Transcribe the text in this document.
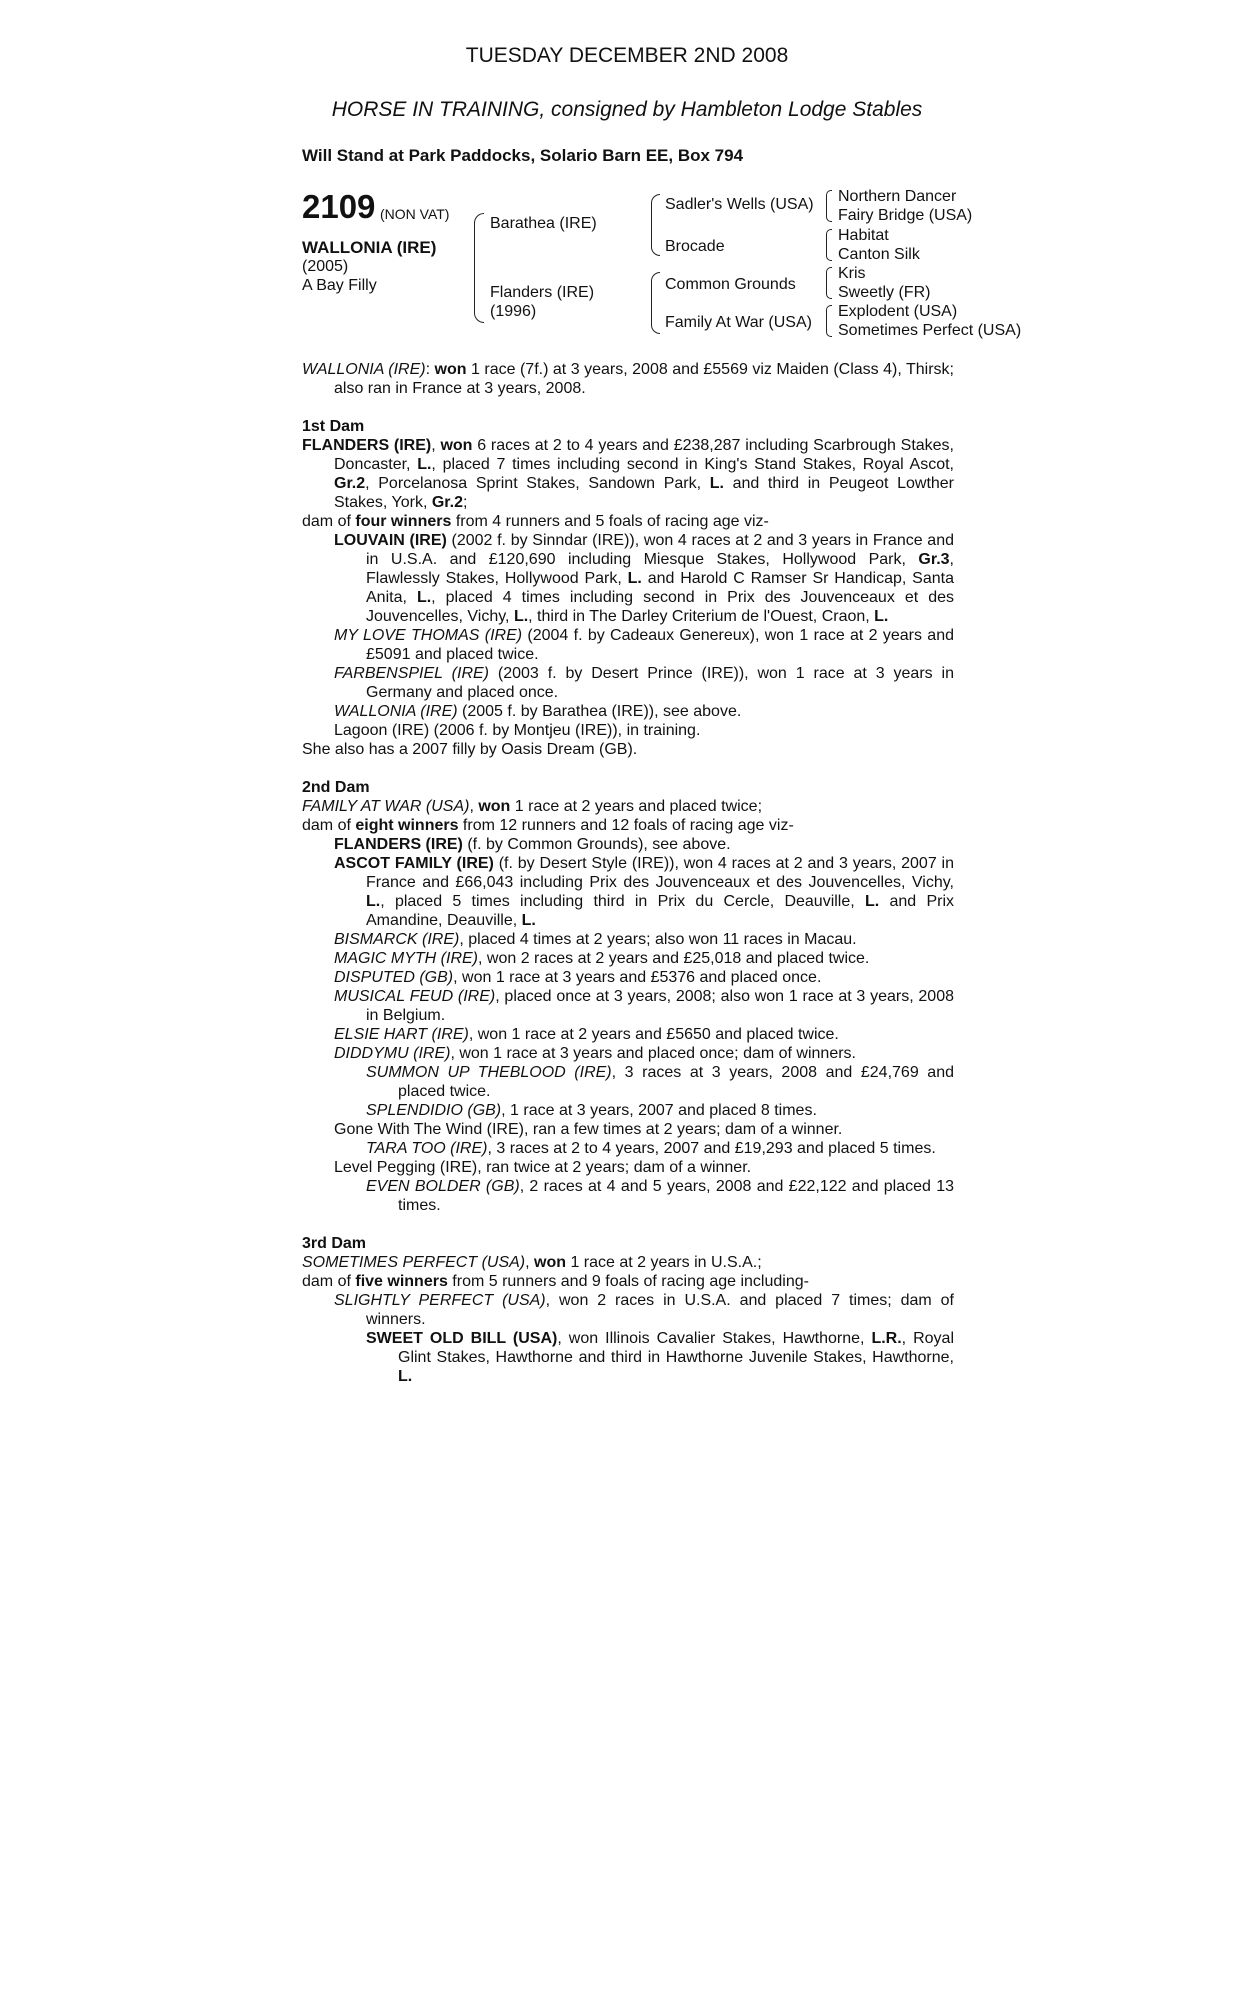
TUESDAY DECEMBER 2ND 2008
HORSE IN TRAINING, consigned by Hambleton Lodge Stables
Will Stand at Park Paddocks, Solario Barn EE, Box 794
2109 (NON VAT)
WALLONIA (IRE)
(2005)
A Bay Filly
Barathea (IRE)
Flanders (IRE)
(1996)
Sadler's Wells (USA)
Brocade
Common Grounds
Family At War (USA)
Northern Dancer
Fairy Bridge (USA)
Habitat
Canton Silk
Kris
Sweetly (FR)
Explodent (USA)
Sometimes Perfect (USA)

WALLONIA (IRE): won 1 race (7f.) at 3 years, 2008 and £5569 viz Maiden (Class 4), Thirsk; also ran in France at 3 years, 2008.

1st Dam

FLANDERS (IRE), won 6 races at 2 to 4 years and £238,287 including Scarbrough Stakes, Doncaster, L., placed 7 times including second in King's Stand Stakes, Royal Ascot, Gr.2, Porcelanosa Sprint Stakes, Sandown Park, L. and third in Peugeot Lowther Stakes, York, Gr.2;

dam of four winners from 4 runners and 5 foals of racing age viz-

LOUVAIN (IRE) (2002 f. by Sinndar (IRE)), won 4 races at 2 and 3 years in France and in U.S.A. and £120,690 including Miesque Stakes, Hollywood Park, Gr.3, Flawlessly Stakes, Hollywood Park, L. and Harold C Ramser Sr Handicap, Santa Anita, L., placed 4 times including second in Prix des Jouvenceaux et des Jouvencelles, Vichy, L., third in The Darley Criterium de l'Ouest, Craon, L.

MY LOVE THOMAS (IRE) (2004 f. by Cadeaux Genereux), won 1 race at 2 years and £5091 and placed twice.

FARBENSPIEL (IRE) (2003 f. by Desert Prince (IRE)), won 1 race at 3 years in Germany and placed once.

WALLONIA (IRE) (2005 f. by Barathea (IRE)), see above.

Lagoon (IRE) (2006 f. by Montjeu (IRE)), in training.

She also has a 2007 filly by Oasis Dream (GB).

2nd Dam

FAMILY AT WAR (USA), won 1 race at 2 years and placed twice;

dam of eight winners from 12 runners and 12 foals of racing age viz-

FLANDERS (IRE) (f. by Common Grounds), see above.

ASCOT FAMILY (IRE) (f. by Desert Style (IRE)), won 4 races at 2 and 3 years, 2007 in France and £66,043 including Prix des Jouvenceaux et des Jouvencelles, Vichy, L., placed 5 times including third in Prix du Cercle, Deauville, L. and Prix Amandine, Deauville, L.

BISMARCK (IRE), placed 4 times at 2 years; also won 11 races in Macau.

MAGIC MYTH (IRE), won 2 races at 2 years and £25,018 and placed twice.

DISPUTED (GB), won 1 race at 3 years and £5376 and placed once.

MUSICAL FEUD (IRE), placed once at 3 years, 2008; also won 1 race at 3 years, 2008 in Belgium.

ELSIE HART (IRE), won 1 race at 2 years and £5650 and placed twice.

DIDDYMU (IRE), won 1 race at 3 years and placed once; dam of winners.

SUMMON UP THEBLOOD (IRE), 3 races at 3 years, 2008 and £24,769 and placed twice.

SPLENDIDIO (GB), 1 race at 3 years, 2007 and placed 8 times.

Gone With The Wind (IRE), ran a few times at 2 years; dam of a winner.

TARA TOO (IRE), 3 races at 2 to 4 years, 2007 and £19,293 and placed 5 times.

Level Pegging (IRE), ran twice at 2 years; dam of a winner.

EVEN BOLDER (GB), 2 races at 4 and 5 years, 2008 and £22,122 and placed 13 times.

3rd Dam

SOMETIMES PERFECT (USA), won 1 race at 2 years in U.S.A.;

dam of five winners from 5 runners and 9 foals of racing age including-

SLIGHTLY PERFECT (USA), won 2 races in U.S.A. and placed 7 times; dam of winners.

SWEET OLD BILL (USA), won Illinois Cavalier Stakes, Hawthorne, L.R., Royal Glint Stakes, Hawthorne and third in Hawthorne Juvenile Stakes, Hawthorne, L.
